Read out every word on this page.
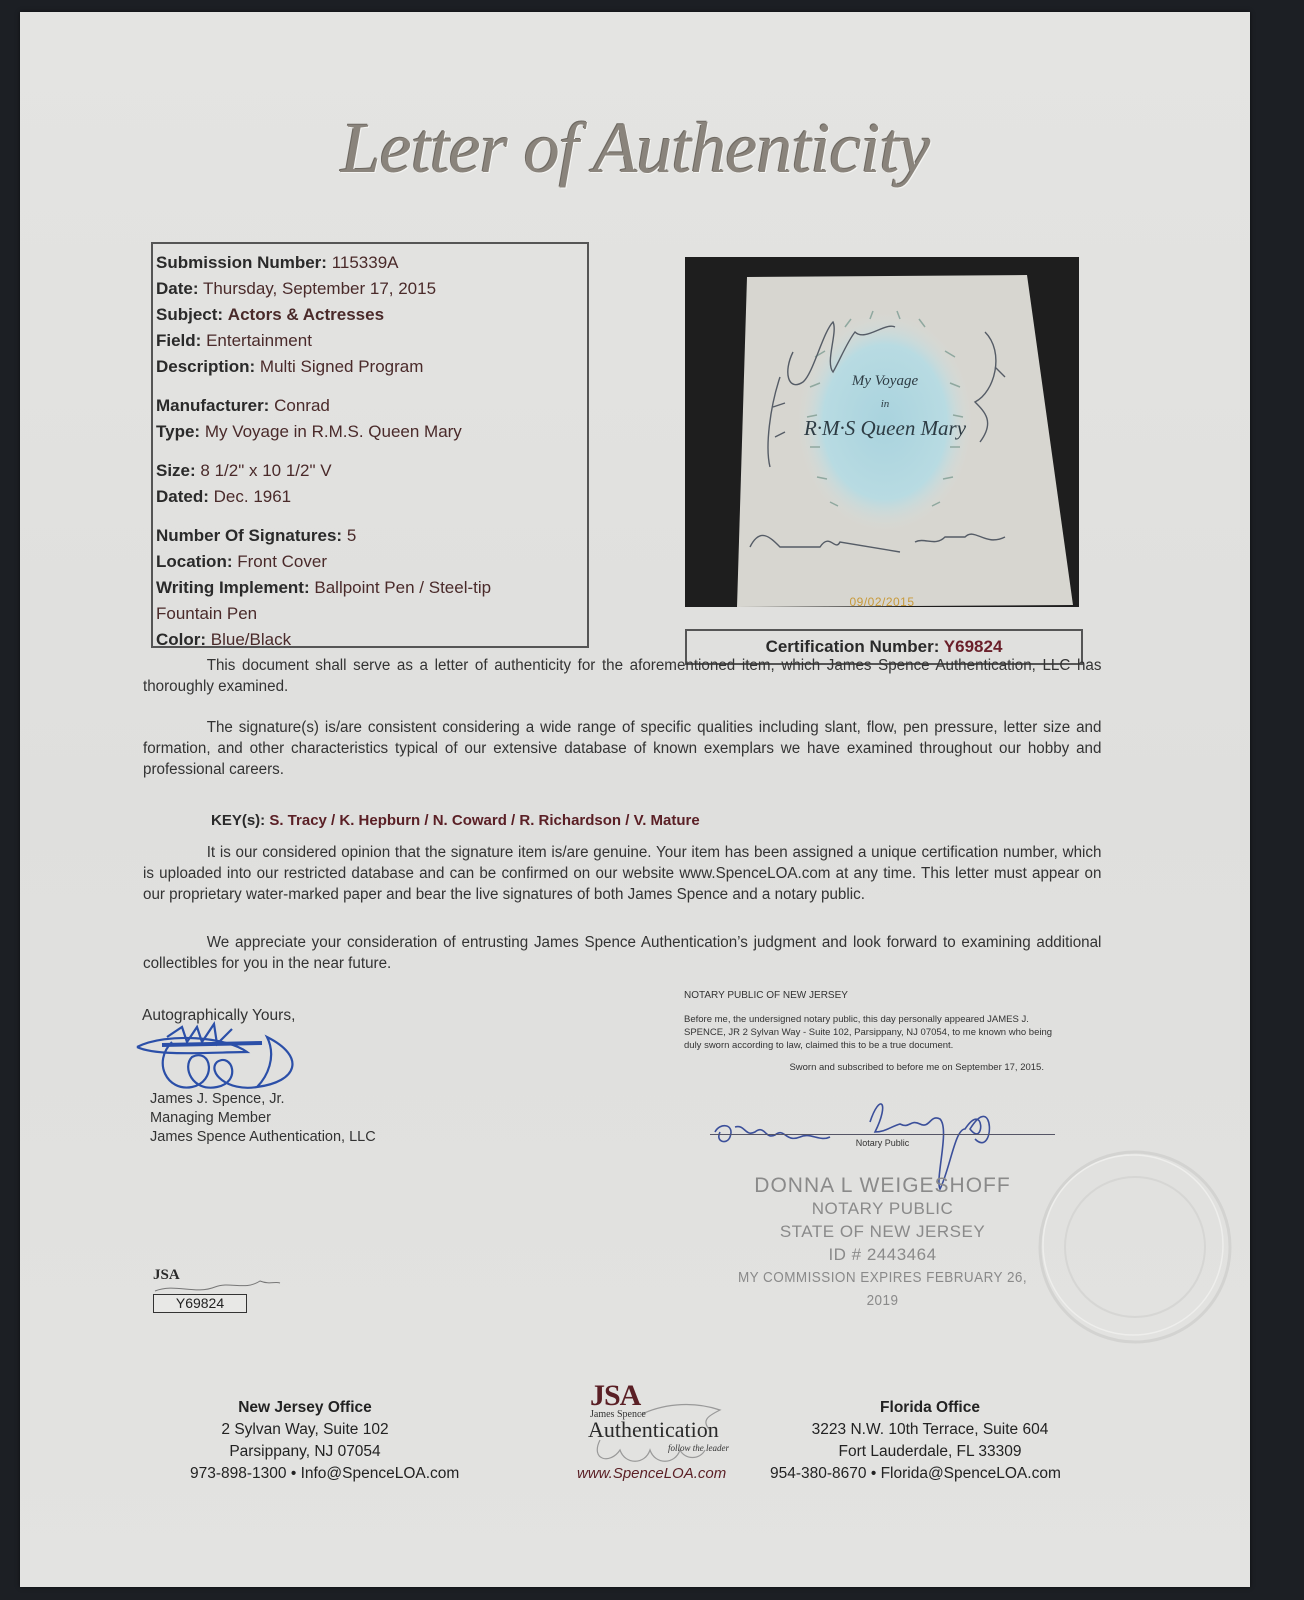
Letter of Authenticity
Submission Number: 115339A
Date: Thursday, September 17, 2015
Subject: Actors & Actresses
Field: Entertainment
Description: Multi Signed Program
Manufacturer: Conrad
Type: My Voyage in R.M.S. Queen Mary
Size: 8 1/2" x 10 1/2" V
Dated: Dec. 1961
Number Of Signatures: 5
Location: Front Cover
Writing Implement: Ballpoint Pen / Steel-tip
Fountain Pen
Color: Blue/Black
My Voyage
in
R·M·S Queen Mary
09/02/2015
Certification Number: Y69824

This document shall serve as a letter of authenticity for the aforementioned item, which James Spence Authentication, LLC has thoroughly examined.

The signature(s) is/are consistent considering a wide range of specific qualities including slant, flow, pen pressure, letter size and formation, and other characteristics typical of our extensive database of known exemplars we have examined throughout our hobby and professional careers.

KEY(s): S. Tracy / K. Hepburn / N. Coward / R. Richardson / V. Mature

It is our considered opinion that the signature item is/are genuine. Your item has been assigned a unique certification number, which is uploaded into our restricted database and can be confirmed on our website www.SpenceLOA.com at any time. This letter must appear on our proprietary water-marked paper and bear the live signatures of both James Spence and a notary public.

We appreciate your consideration of entrusting James Spence Authentication’s judgment and look forward to examining additional collectibles for you in the near future.

Autographically Yours,
James J. Spence, Jr.
Managing Member
James Spence Authentication, LLC
NOTARY PUBLIC OF NEW JERSEY
Before me, the undersigned notary public, this day personally appeared JAMES J. SPENCE, JR 2 Sylvan Way - Suite 102, Parsippany, NJ 07054, to me known who being duly sworn according to law, claimed this to be a true document.
Sworn and subscribed to before me on September 17, 2015.
Notary Public
DONNA L WEIGESHOFF
NOTARY PUBLIC
STATE OF NEW JERSEY
ID # 2443464
MY COMMISSION EXPIRES FEBRUARY 26, 2019
JSA
Y69824
New Jersey Office
2 Sylvan Way, Suite 102
Parsippany, NJ 07054
JSA
James Spence
Authentication
follow the leader
Florida Office
3223 N.W. 10th Terrace, Suite 604
Fort Lauderdale, FL 33309
973-898-1300 • Info@SpenceLOA.com	www.SpenceLOA.com	954-380-8670 • Florida@SpenceLOA.com
